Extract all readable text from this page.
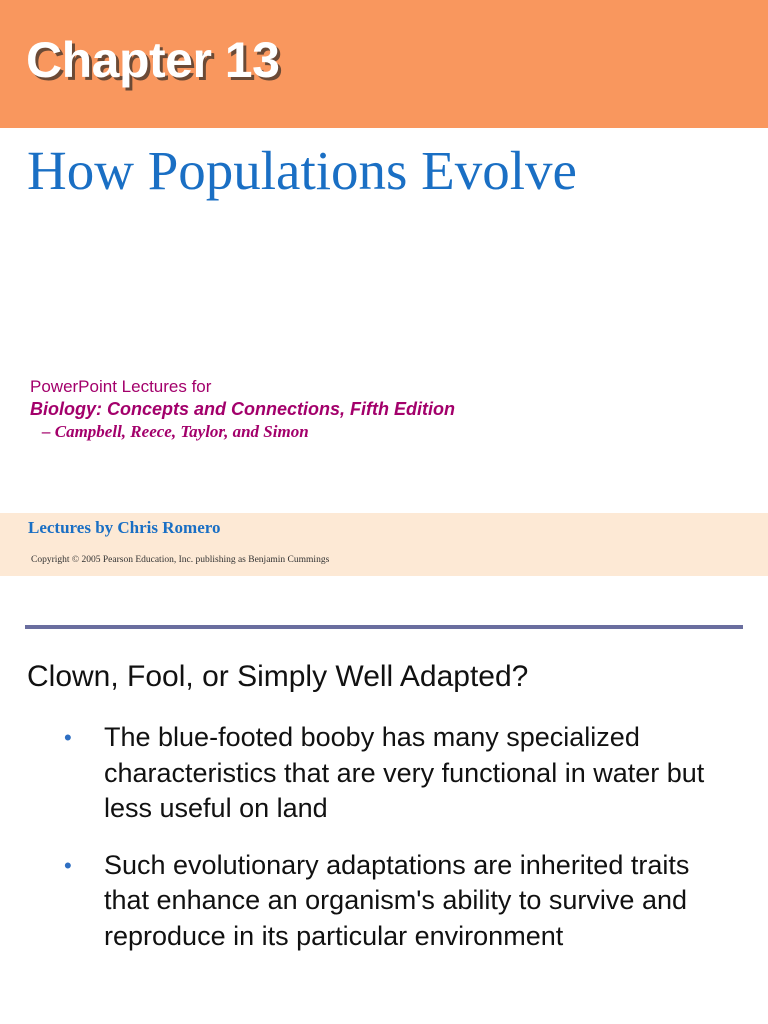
Chapter 13
How Populations Evolve
PowerPoint Lectures for
Biology: Concepts and Connections, Fifth Edition
– Campbell, Reece, Taylor, and Simon
Lectures by Chris Romero
Copyright © 2005 Pearson Education, Inc. publishing as Benjamin Cummings
Clown, Fool, or Simply Well Adapted?
• The blue-footed booby has many specialized characteristics that are very functional in water but less useful on land
• Such evolutionary adaptations are inherited traits that enhance an organism's ability to survive and reproduce in its particular environment
